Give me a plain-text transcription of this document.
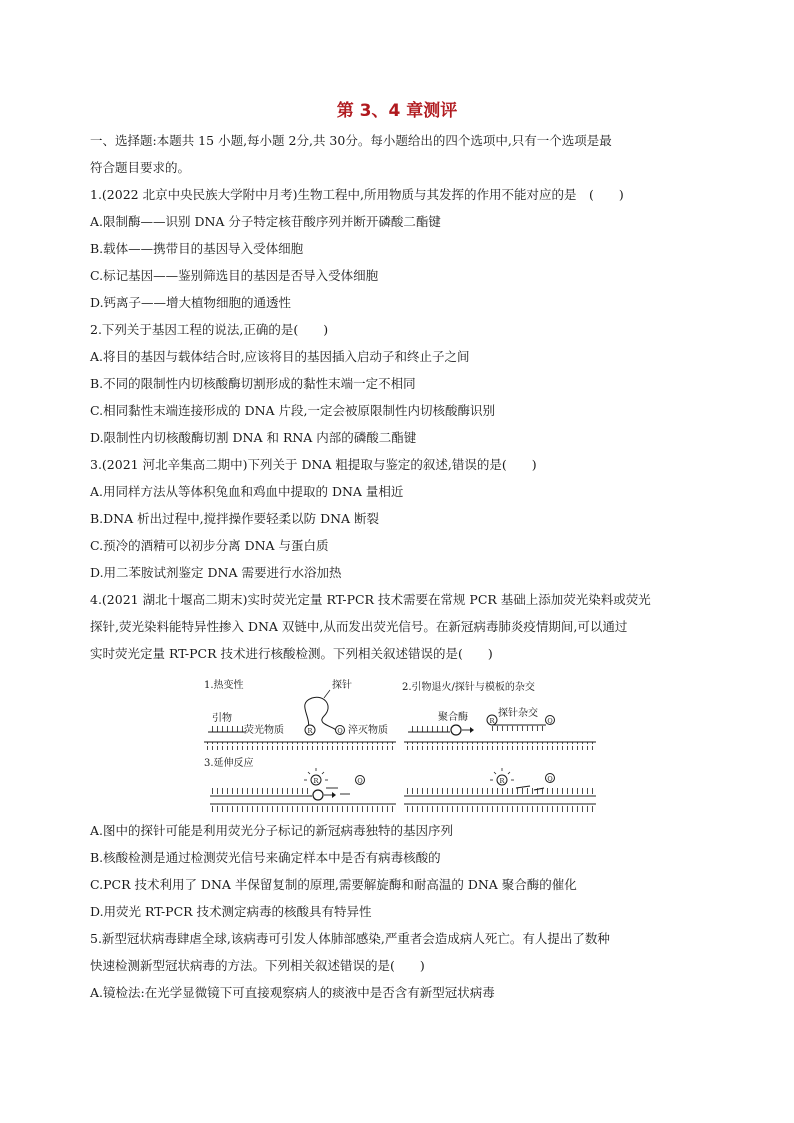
第 3、4 章测评
一、选择题:本题共 15 小题,每小题 2分,共 30分。每小题给出的四个选项中,只有一个选项是最
符合题目要求的。
1.(2022 北京中央民族大学附中月考)生物工程中,所用物质与其发挥的作用不能对应的是　(　　)
A.限制酶——识别 DNA 分子特定核苷酸序列并断开磷酸二酯键
B.载体——携带目的基因导入受体细胞
C.标记基因——鉴别筛选目的基因是否导入受体细胞
D.钙离子——增大植物细胞的通透性
2.下列关于基因工程的说法,正确的是(　　)
A.将目的基因与载体结合时,应该将目的基因插入启动子和终止子之间
B.不同的限制性内切核酸酶切割形成的黏性末端一定不相同
C.相同黏性末端连接形成的 DNA 片段,一定会被原限制性内切核酸酶识别
D.限制性内切核酸酶切割 DNA 和 RNA 内部的磷酸二酯键
3.(2021 河北辛集高二期中)下列关于 DNA 粗提取与鉴定的叙述,错误的是(　　)
A.用同样方法从等体积兔血和鸡血中提取的 DNA 量相近
B.DNA 析出过程中,搅拌操作要轻柔以防 DNA 断裂
C.预冷的酒精可以初步分离 DNA 与蛋白质
D.用二苯胺试剂鉴定 DNA 需要进行水浴加热
4.(2021 湖北十堰高二期末)实时荧光定量 RT-PCR 技术需要在常规 PCR 基础上添加荧光染料或荧光
探针,荧光染料能特异性掺入 DNA 双链中,从而发出荧光信号。在新冠病毒肺炎疫情期间,可以通过
实时荧光定量 RT-PCR 技术进行核酸检测。下列相关叙述错误的是(　　)
1.热变性
引物
荧光物质	R
探针
Q 淬灭物质
2.引物退火/探针与模板的杂交
聚合酶	R
探针杂交
Q
3.延伸反应
R	Q	R	Q
A.图中的探针可能是利用荧光分子标记的新冠病毒独特的基因序列
B.核酸检测是通过检测荧光信号来确定样本中是否有病毒核酸的
C.PCR 技术利用了 DNA 半保留复制的原理,需要解旋酶和耐高温的 DNA 聚合酶的催化
D.用荧光 RT-PCR 技术测定病毒的核酸具有特异性
5.新型冠状病毒肆虐全球,该病毒可引发人体肺部感染,严重者会造成病人死亡。有人提出了数种
快速检测新型冠状病毒的方法。下列相关叙述错误的是(　　)
A.镜检法:在光学显微镜下可直接观察病人的痰液中是否含有新型冠状病毒
